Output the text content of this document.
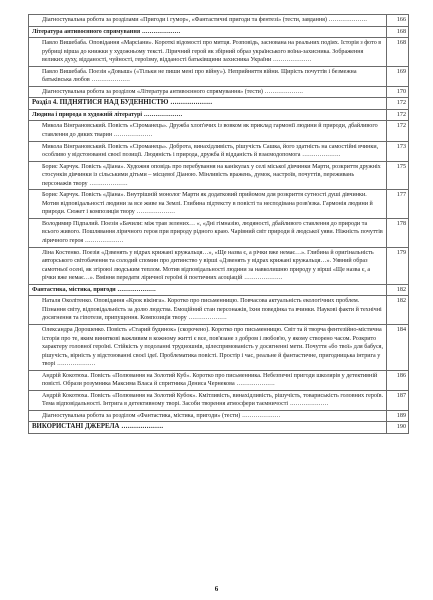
Діагностувальна робота за розділами «Пригоди і гумор», «Фантастичні пригоди та фентезі» (тести, завдання) ....................	166
Література антивоєнного спрямування ....................	168
Павло Вишебаба. Оповідання «Марсіани». Короткі відомості про митця. Розповідь, заснована на реальних подіях. Історія з фото в рубриці вірша до книжки у художньому тексті. Ліричний герой як збірний образ українського воїна-захисника. Зображення великих духу, відданості, чуйності, героїзму, відданості батьківщини захисника України ....................	168
Павло Вишебаба. Поезія «Довыш» («Тільки не пиши мені про війну»). Неприйняття війни. Щирість почуттів і безмежна батьківська любов ....................	169
Діагностувальна робота за розділом «Література антивоєнного спрямування» (тести) ....................	170
Розділ 4. ПІДНЯТИСЯ НАД БУДЕННІСТЮ ....................	172
Людина і природа в художній літературі ....................	172
Микола Вінграновський. Повість «Сіроманець». Дружба хлоп'ячих із вовком як приклад гармонії людини й природи, дбайливого ставлення до диких тварин ....................	172
Микола Вінграновський. Повість «Сіроманець». Доброта, винахідливість, рішучість Сашка, його здатність на самостійні вчинки, особливо у відстоюванні своєї позиції. Людяність і природа, дружба й відданість й взаємодопомога ....................	173
Борис Харчук. Повість «Діана». Художня оповідь про перебування на канікулах у селі міської дівчинки Марти, розкриття дружніх стосунків дівчинки із сільськими дітьми – місцевої Діаною. Мінливість вражень, думок, настроїв, почуттів, переживань персонажів твору ....................	175
Борис Харчук. Повість «Діана». Внутрішній монолог Марти як додатковий прийомом для розкриття сутності душі дівчинки. Мотив відповідальності людини за все живе на Землі. Глибина підтексту в повісті та несподівана розв'язка. Гармонія людини й природи. Сюжет і композиція твору ....................	177
Володимир Підпалий. Поезія «Бачили: між трав зелених… «, «Дні гімназію, людяності, дбайливого ставлення до природи та всього живого. Пошлявання ліричного героя при природу рідного краю. Чарівний світ природи й людської уяви. Ніжність почуттів ліричного героя ....................	178
Ліна Костенко. Поезія «Дзвенять у відрах крижані кружальця…», «Ще назва є, а річки вже немає…». Глибина й оригінальність авторського світобачення та солодий спомин про дитинство у вірші «Дзвенять у відрах крижані кружальця…». Уявний образ самотньої осені, як згіроюі людським теплом. Мотив відповідальності людини за навколишню природу у вірші «Ще назва є, а річки вже немає…». Вміння передати ліричної героїні й поетичних асоціацій ....................	179
Фантастика, містика, пригоди ....................	182
Наталя Околітенко. Оповідання «Крок вікінга». Коротко про письменницю. Повчасова актуальність екологічних проблем. Пізнання світу, відповідальність за долю людства. Емоційний стан персонажів, їхня поведінка та вчинки. Наукові факти й технічні досягнення та гіпотези, припущення. Композиція твору ....................	182
Олександра Дорошенко. Повість «Старий будинок» (скорочено). Коротко про письменницю. Світ та й творча фентезійно-містична історія про те, яким виняткові важливим в кожному житті є все, пов'язане з добром і любов'ю, у якому створено часом. Розкрито характеру головної героїні. Стійкість у подоланні трудношнів, цілеспрямованість у досягненні мети. Почуття «бо твої» для бабуся, рішучість, вірність у відстоюванні своєї ідеї. Проблематика повісті. Простір і час, реальне й фантастичне, пригодницька інтрига у творі ....................	184
Андрій Кокотюха. Повість «Полювання на Золотий Куб». Коротко про письменника. Небезпечні пригоди школярів у детективній повісті. Образи розумника Максима Власа й спритника Дениса Чернекова ....................	186
Андрій Кокотюха. Повість «Полювання на Золотий Кубок». Кмітливість, винахідливість, рішучість, товариськість головних героїв. Тема відповідальності. Інтрига в детективному творі. Засоби творення атмосфери таємничості ....................	187
Діагностувальна робота за розділом «Фантастика, містика, пригоди» (тести) ....................	189
ВИКОРИСТАНІ ДЖЕРЕЛА ....................	190
6
